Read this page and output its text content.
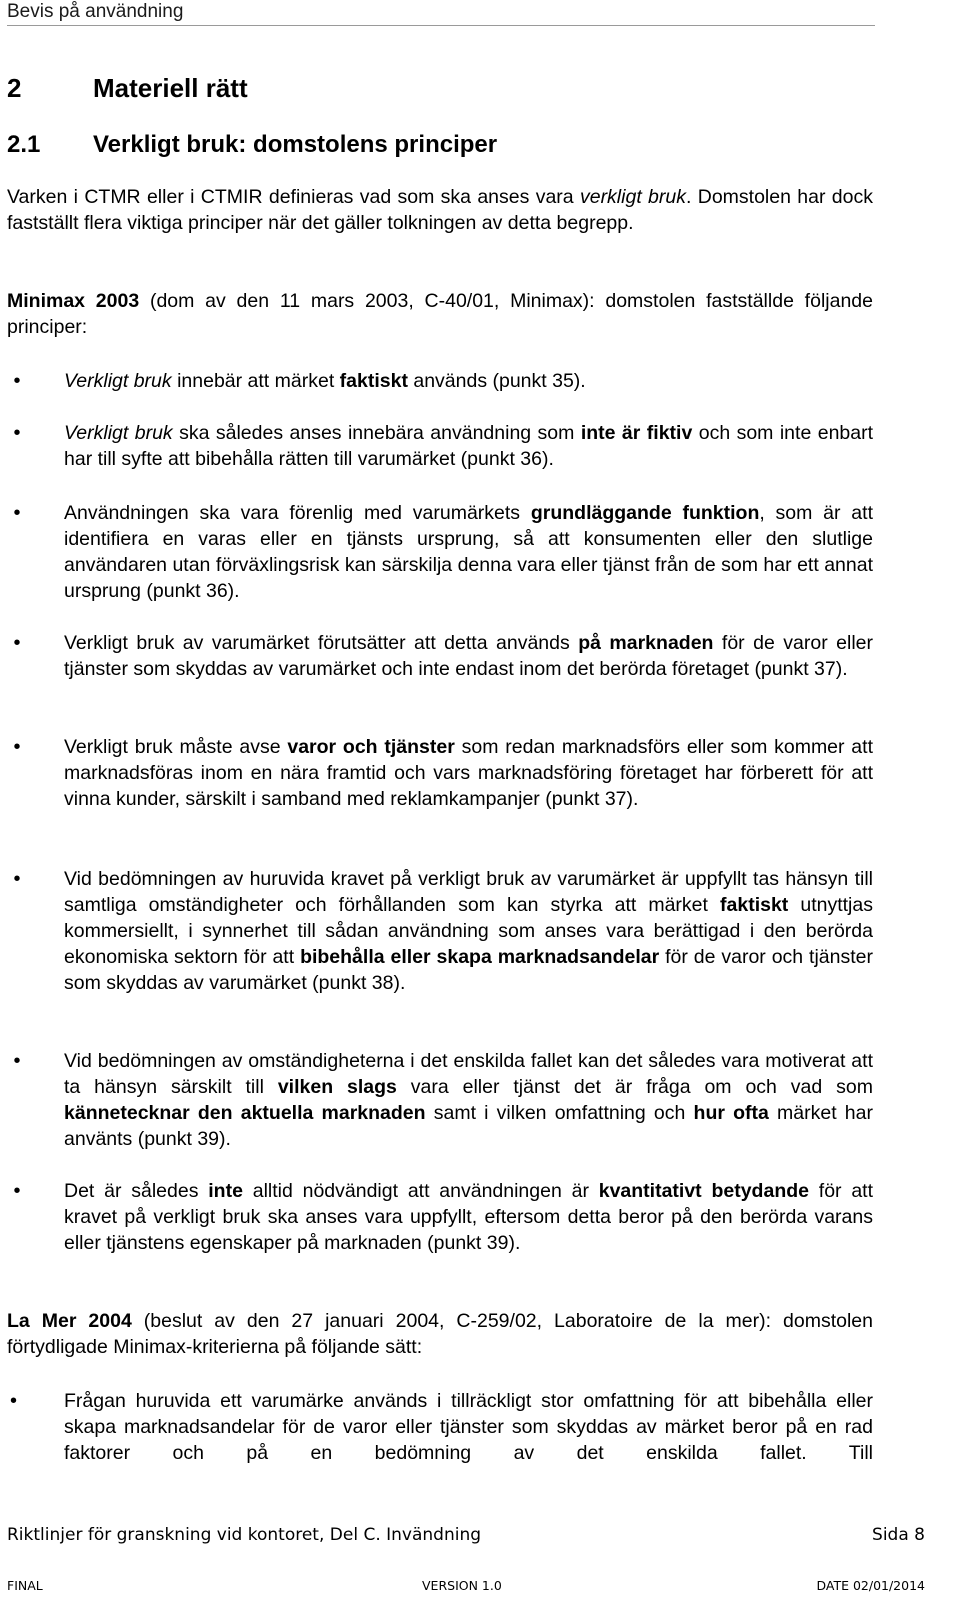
Bevis på användning
2	Materiell rätt
2.1 Verkligt bruk: domstolens principer
Varken i CTMR eller i CTMIR definieras vad som ska anses vara verkligt bruk. Domstolen har dock fastställt flera viktiga principer när det gäller tolkningen av detta begrepp.
Minimax 2003 (dom av den 11 mars 2003, C-40/01, Minimax): domstolen fastställde följande principer:
• Verkligt bruk innebär att märket faktiskt används (punkt 35).
• Verkligt bruk ska således anses innebära användning som inte är fiktiv och som inte enbart har till syfte att bibehålla rätten till varumärket (punkt 36).
• Användningen ska vara förenlig med varumärkets grundläggande funktion, som är att identifiera en varas eller en tjänsts ursprung, så att konsumenten eller den slutlige användaren utan förväxlingsrisk kan särskilja denna vara eller tjänst från de som har ett annat ursprung (punkt 36).
• Verkligt bruk av varumärket förutsätter att detta används på marknaden för de varor eller tjänster som skyddas av varumärket och inte endast inom det berörda företaget (punkt 37).
• Verkligt bruk måste avse varor och tjänster som redan marknadsförs eller som kommer att marknadsföras inom en nära framtid och vars marknadsföring företaget har förberett för att vinna kunder, särskilt i samband med reklamkampanjer (punkt 37).
• Vid bedömningen av huruvida kravet på verkligt bruk av varumärket är uppfyllt tas hänsyn till samtliga omständigheter och förhållanden som kan styrka att märket faktiskt utnyttjas kommersiellt, i synnerhet till sådan användning som anses vara berättigad i den berörda ekonomiska sektorn för att bibehålla eller skapa marknadsandelar för de varor och tjänster som skyddas av varumärket (punkt 38).
• Vid bedömningen av omständigheterna i det enskilda fallet kan det således vara motiverat att ta hänsyn särskilt till vilken slags vara eller tjänst det är fråga om och vad som kännetecknar den aktuella marknaden samt i vilken omfattning och hur ofta märket har använts (punkt 39).
• Det är således inte alltid nödvändigt att användningen är kvantitativt betydande för att kravet på verkligt bruk ska anses vara uppfyllt, eftersom detta beror på den berörda varans eller tjänstens egenskaper på marknaden (punkt 39).
La Mer 2004 (beslut av den 27 januari 2004, C-259/02, Laboratoire de la mer): domstolen förtydligade Minimax-kriterierna på följande sätt:
•	Frågan huruvida ett varumärke används i tillräckligt stor omfattning för att bibehålla eller skapa marknadsandelar för de varor eller tjänster som skyddas av märket beror på en rad faktorer och på en bedömning av det enskilda fallet. Till
Riktlinjer för granskning vid kontoret, Del C. Invändning	Sida 8
FINAL	VERSION 1.0	DATE 02/01/2014
